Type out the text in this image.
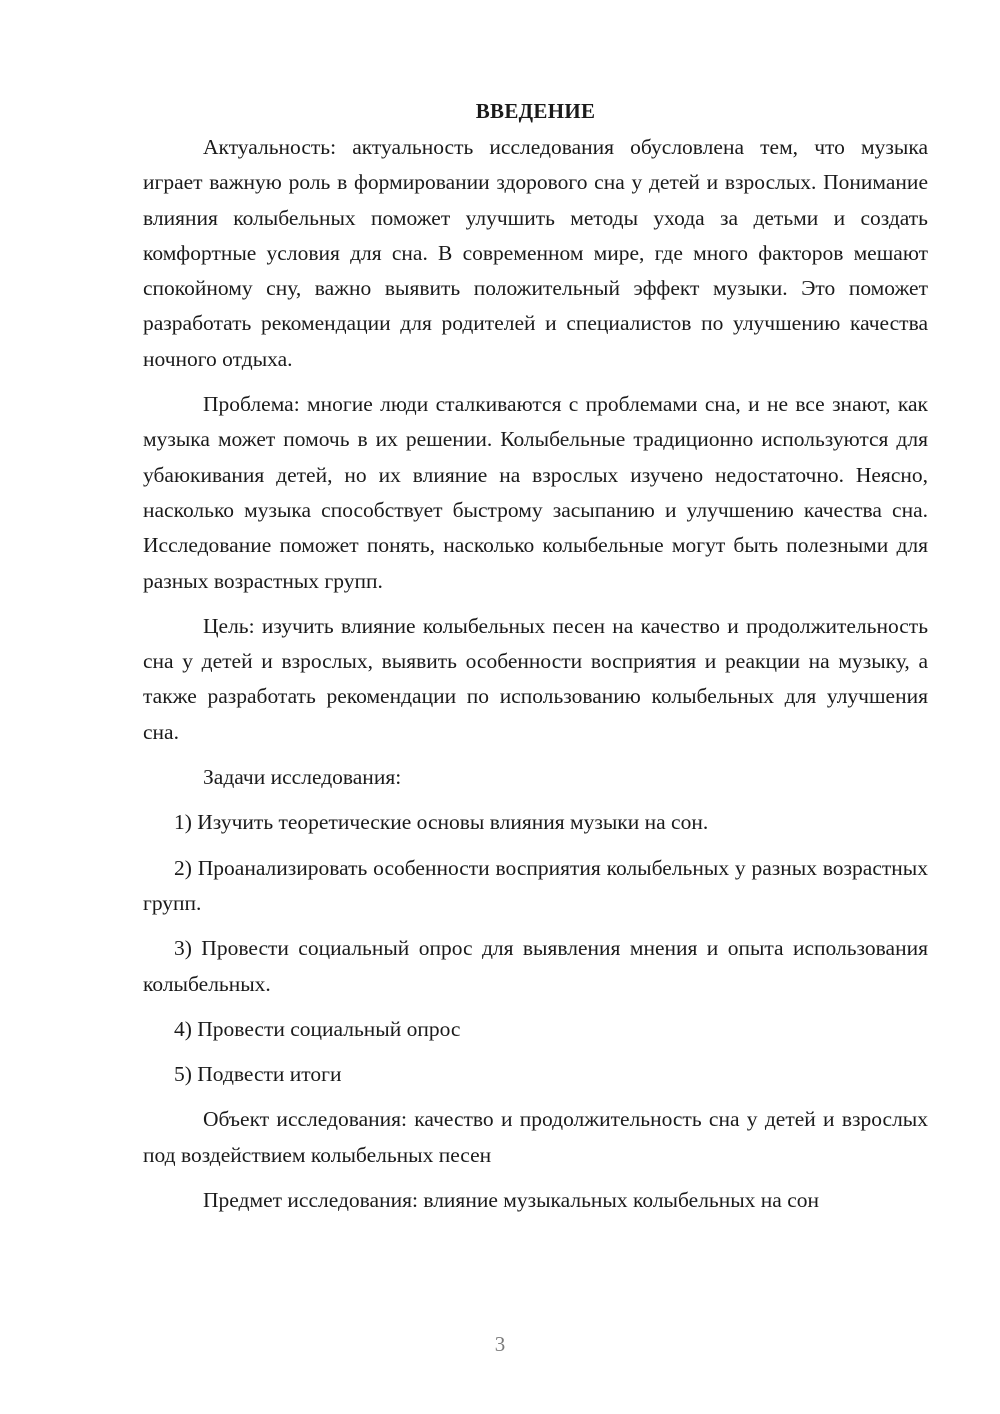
ВВЕДЕНИЕ

Актуальность: актуальность исследования обусловлена тем, что музыка играет важную роль в формировании здорового сна у детей и взрослых. Понимание влияния колыбельных поможет улучшить методы ухода за детьми и создать комфортные условия для сна. В современном мире, где много факторов мешают спокойному сну, важно выявить положительный эффект музыки. Это поможет разработать рекомендации для родителей и специалистов по улучшению качества ночного отдыха.

Проблема: многие люди сталкиваются с проблемами сна, и не все знают, как музыка может помочь в их решении. Колыбельные традиционно используются для убаюкивания детей, но их влияние на взрослых изучено недостаточно. Неясно, насколько музыка способствует быстрому засыпанию и улучшению качества сна. Исследование поможет понять, насколько колыбельные могут быть полезными для разных возрастных групп.

Цель: изучить влияние колыбельных песен на качество и продолжительность сна у детей и взрослых, выявить особенности восприятия и реакции на музыку, а также разработать рекомендации по использованию колыбельных для улучшения сна.

Задачи исследования:

1) Изучить теоретические основы влияния музыки на сон.

2) Проанализировать особенности восприятия колыбельных у разных возрастных групп.

3) Провести социальный опрос для выявления мнения и опыта использования колыбельных.

4) Провести социальный опрос

5) Подвести итоги

Объект исследования: качество и продолжительность сна у детей и взрослых под воздействием колыбельных песен

Предмет исследования: влияние музыкальных колыбельных на сон

3
